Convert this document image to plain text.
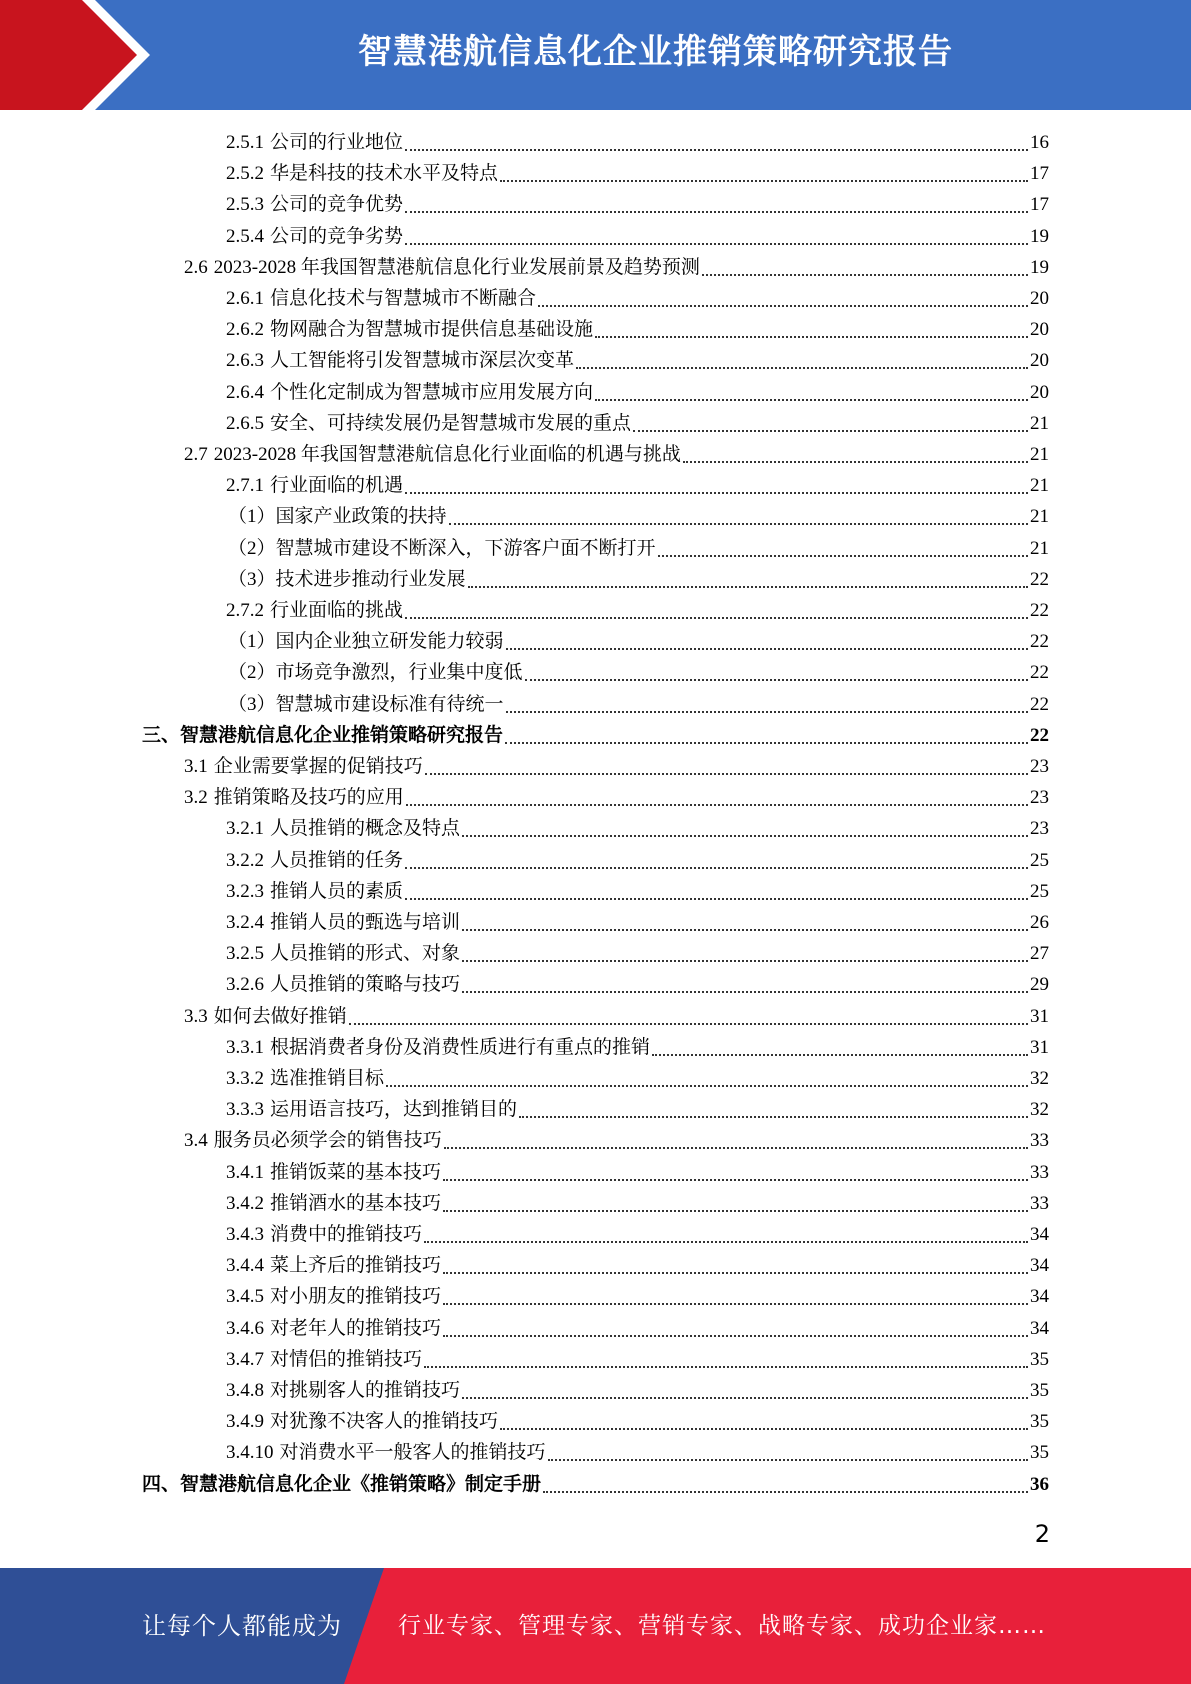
智慧港航信息化企业推销策略研究报告
2.5.1 公司的行业地位	16
2.5.2 华是科技的技术水平及特点	17
2.5.3 公司的竞争优势	17
2.5.4 公司的竞争劣势	19
2.6 2023-2028 年我国智慧港航信息化行业发展前景及趋势预测	19
2.6.1 信息化技术与智慧城市不断融合	20
2.6.2 物网融合为智慧城市提供信息基础设施	20
2.6.3 人工智能将引发智慧城市深层次变革	20
2.6.4 个性化定制成为智慧城市应用发展方向	20
2.6.5 安全、可持续发展仍是智慧城市发展的重点	21
2.7 2023-2028 年我国智慧港航信息化行业面临的机遇与挑战	21
2.7.1 行业面临的机遇	21
（1）国家产业政策的扶持	21
（2）智慧城市建设不断深入，下游客户面不断打开	21
（3）技术进步推动行业发展	22
2.7.2 行业面临的挑战	22
（1）国内企业独立研发能力较弱	22
（2）市场竞争激烈，行业集中度低	22
（3）智慧城市建设标准有待统一	22
三、智慧港航信息化企业推销策略研究报告	22
3.1 企业需要掌握的促销技巧	23
3.2 推销策略及技巧的应用	23
3.2.1 人员推销的概念及特点	23
3.2.2 人员推销的任务	25
3.2.3 推销人员的素质	25
3.2.4 推销人员的甄选与培训	26
3.2.5 人员推销的形式、对象	27
3.2.6 人员推销的策略与技巧	29
3.3 如何去做好推销	31
3.3.1 根据消费者身份及消费性质进行有重点的推销	31
3.3.2 选准推销目标	32
3.3.3 运用语言技巧，达到推销目的	32
3.4 服务员必须学会的销售技巧	33
3.4.1 推销饭菜的基本技巧	33
3.4.2 推销酒水的基本技巧	33
3.4.3 消费中的推销技巧	34
3.4.4 菜上齐后的推销技巧	34
3.4.5 对小朋友的推销技巧	34
3.4.6 对老年人的推销技巧	34
3.4.7 对情侣的推销技巧	35
3.4.8 对挑剔客人的推销技巧	35
3.4.9 对犹豫不决客人的推销技巧	35
3.4.10 对消费水平一般客人的推销技巧	35
四、智慧港航信息化企业《推销策略》制定手册	36
2
让每个人都能成为 行业专家、管理专家、营销专家、战略专家、成功企业家……
